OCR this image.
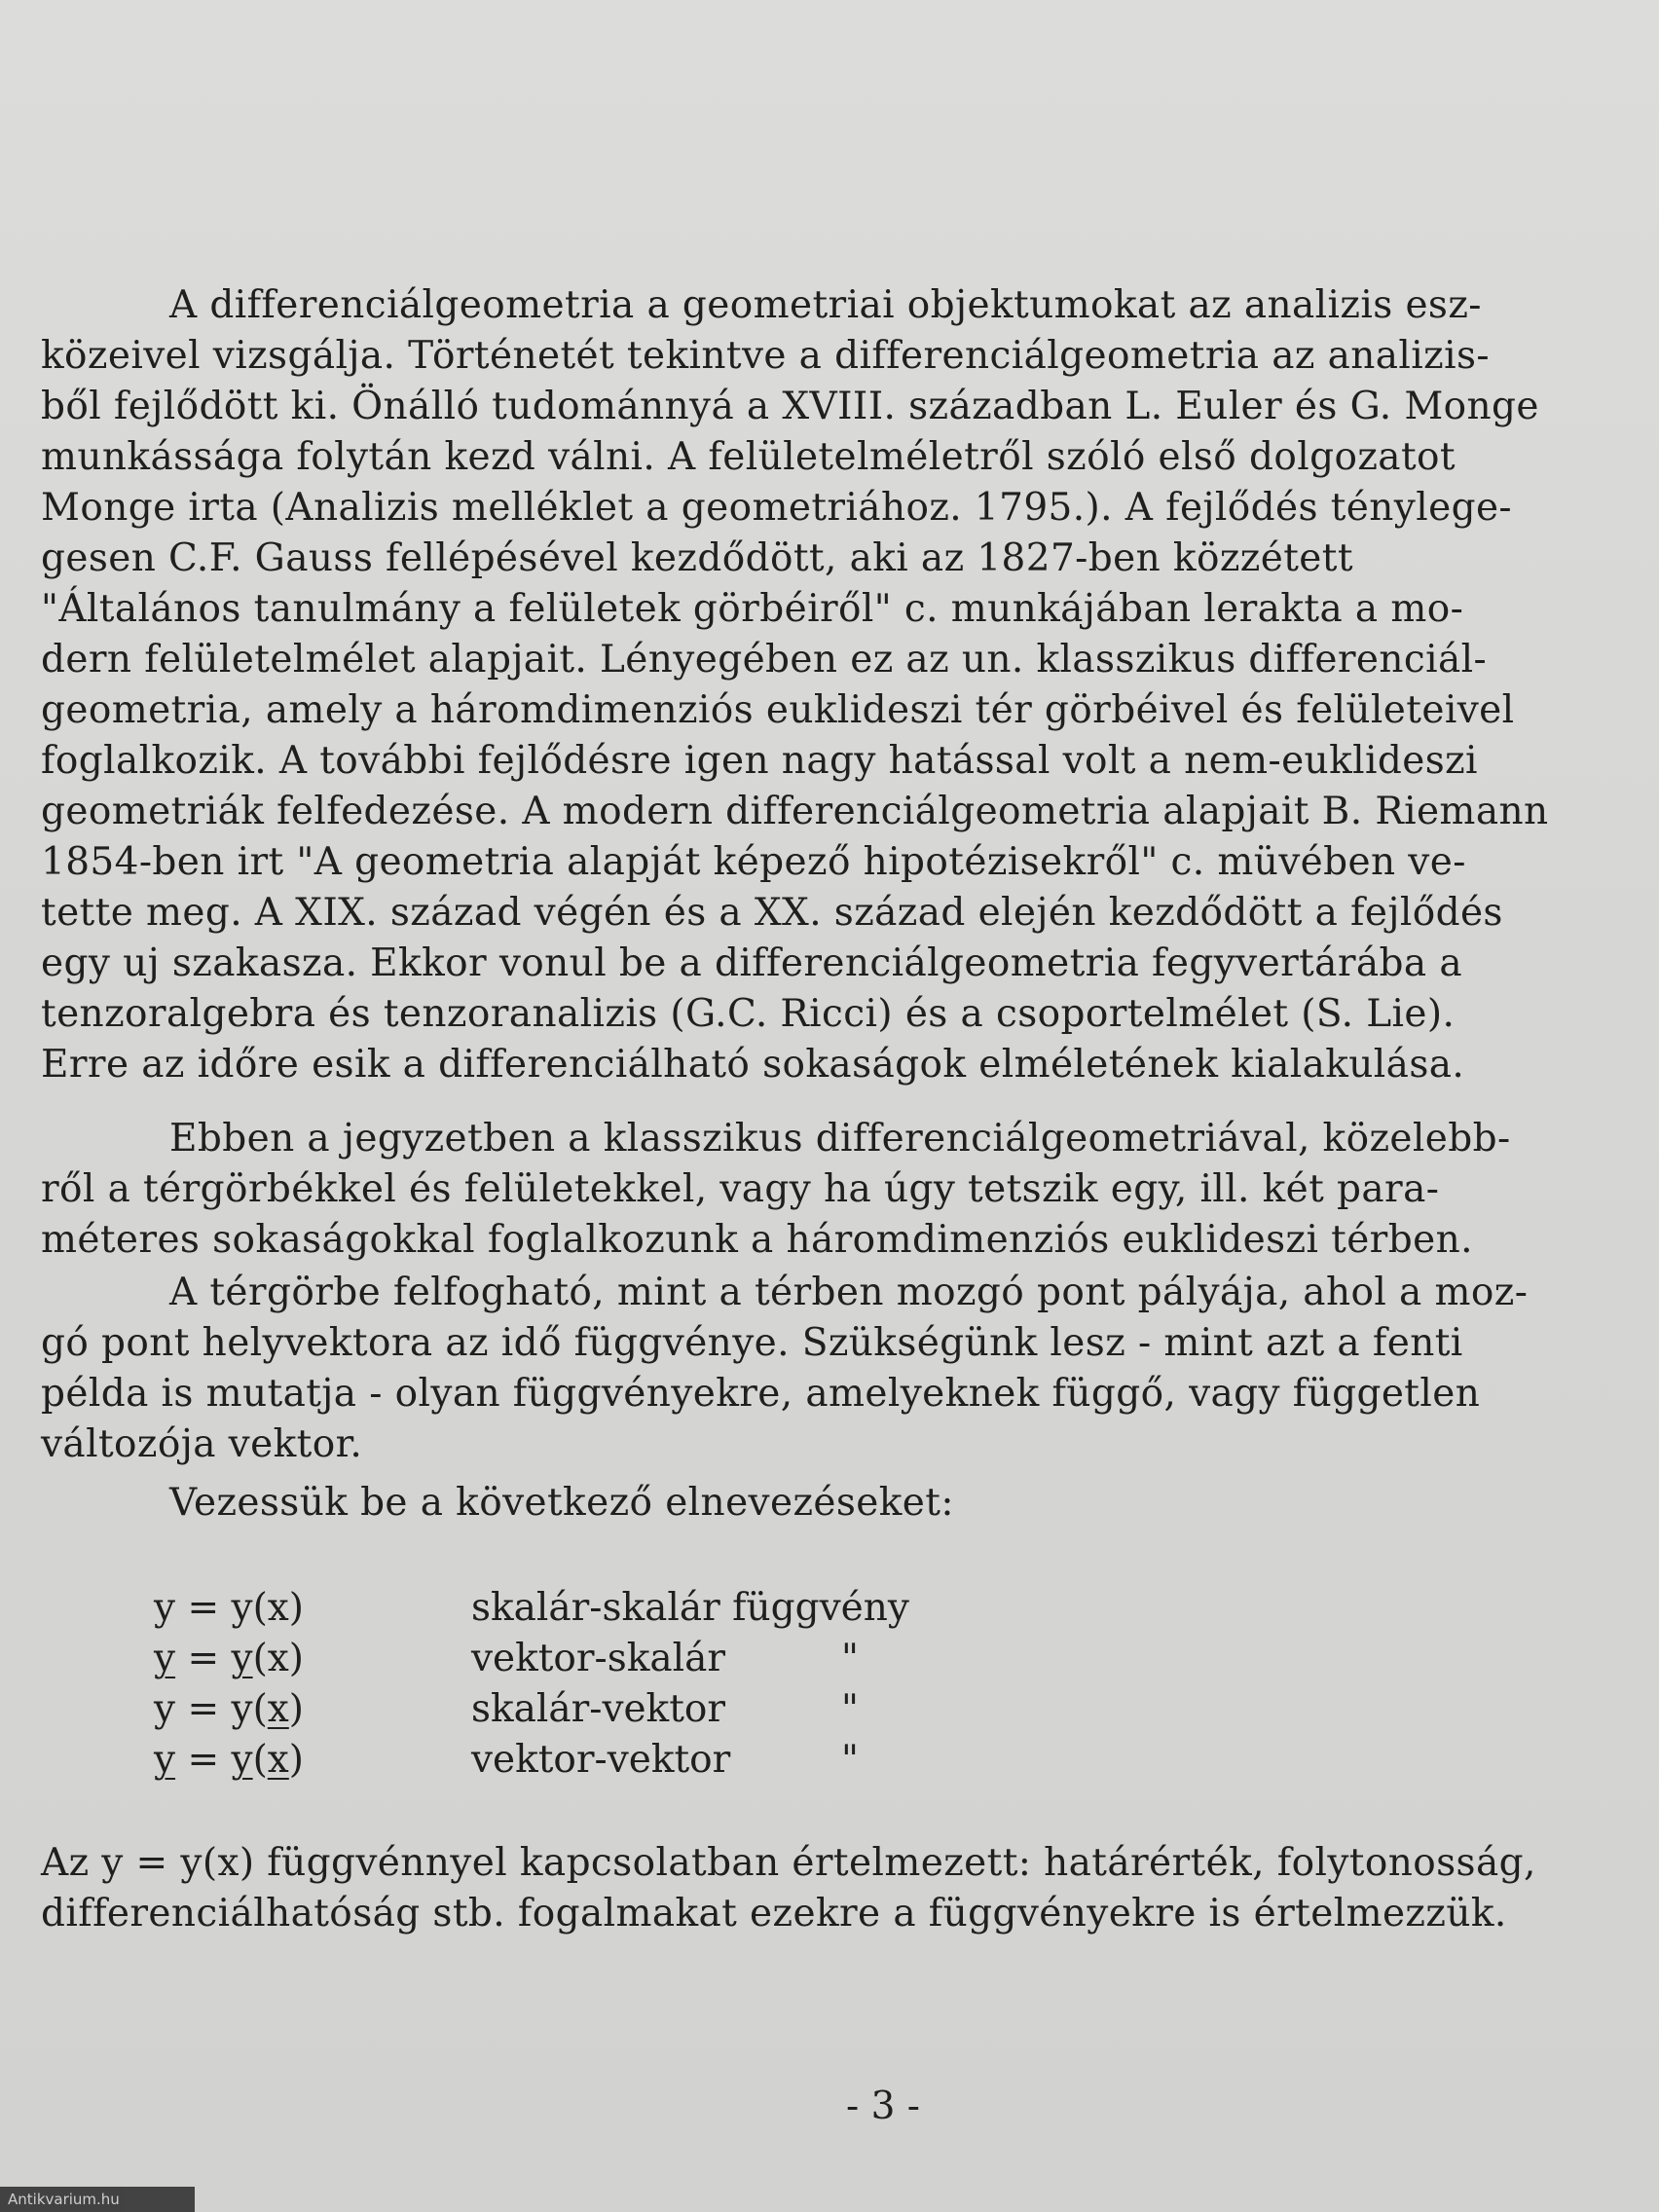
A differenciálgeometria a geometriai objektumokat az analizis esz-
közeivel vizsgálja. Történetét tekintve a differenciálgeometria az analizis-
ből fejlődött ki. Önálló tudománnyá a XVIII. században L. Euler és G. Monge
munkássága folytán kezd válni. A felületelméletről szóló első dolgozatot
Monge irta (Analizis melléklet a geometriához. 1795.). A fejlődés ténylege-
gesen C.F. Gauss fellépésével kezdődött, aki az 1827-ben közzétett
"Általános tanulmány a felületek görbéiről" c. munkájában lerakta a mo-
dern felületelmélet alapjait. Lényegében ez az un. klasszikus differenciál-
geometria, amely a háromdimenziós euklideszi tér görbéivel és felületeivel
foglalkozik. A további fejlődésre igen nagy hatással volt a nem-euklideszi
geometriák felfedezése. A modern differenciálgeometria alapjait B. Riemann
1854-ben irt "A geometria alapját képező hipotézisekről" c. müvében ve-
tette meg. A XIX. század végén és a XX. század elején kezdődött a fejlődés
egy uj szakasza. Ekkor vonul be a differenciálgeometria fegyvertárába a
tenzoralgebra és tenzoranalizis (G.C. Ricci) és a csoportelmélet (S. Lie).
Erre az időre esik a differenciálható sokaságok elméletének kialakulása.
Ebben a jegyzetben a klasszikus differenciálgeometriával, közelebb-
ről a térgörbékkel és felületekkel, vagy ha úgy tetszik egy, ill. két para-
méteres sokaságokkal foglalkozunk a háromdimenziós euklideszi térben.
A térgörbe felfogható, mint a térben mozgó pont pályája, ahol a moz-
gó pont helyvektora az idő függvénye. Szükségünk lesz - mint azt a fenti
példa is mutatja - olyan függvényekre, amelyeknek függő, vagy független
változója vektor.
Vezessük be a következő elnevezéseket:
y = y(x)	skalár-skalár függvény
y = y(x)	vektor-skalár	"
y = y(x)	skalár-vektor	"
y = y(x)	vektor-vektor	"
Az y = y(x) függvénnyel kapcsolatban értelmezett: határérték, folytonosság,
differenciálhatóság stb. fogalmakat ezekre a függvényekre is értelmezzük.
- 3 -
Antikvarium.hu
